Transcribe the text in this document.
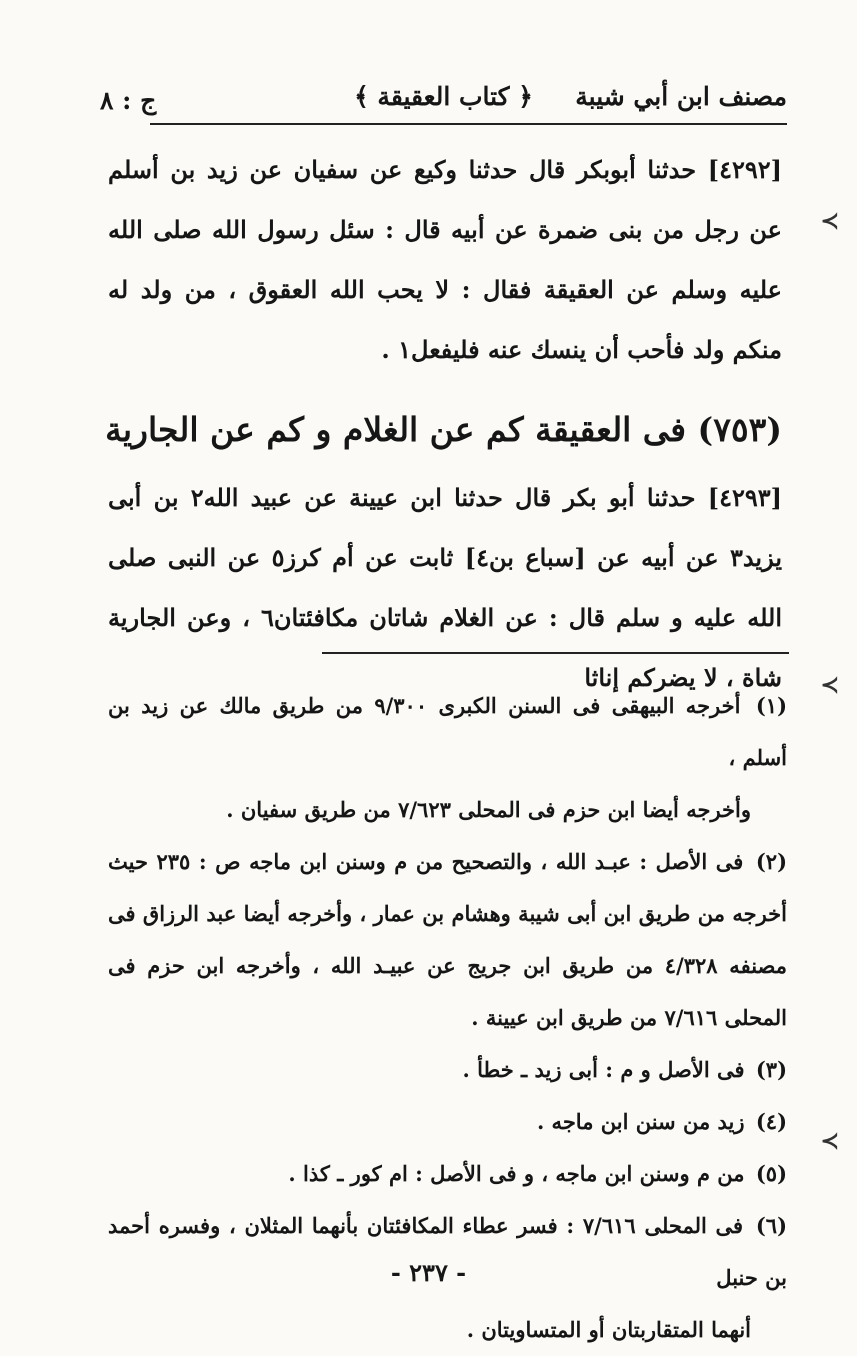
مصنف ابن أبي شيبة
﴿ كتاب العقيقة ﴾
ج : ٨

[٤٢٩٢] حدثنا أبوبكر قال حدثنا وكيع عن سفيان عن زيد بن أسلم عن رجل من بنى ضمرة عن أبيه قال : سئل رسول الله صلى الله عليه وسلم عن العقيقة فقال : لا يحب الله العقوق ، من ولد له منكم ولد فأحب أن ينسك عنه فليفعل١ .

(٧٥٣) فى العقيقة كم عن الغلام و كم عن الجارية

[٤٢٩٣] حدثنا أبو بكر قال حدثنا ابن عيينة عن عبيد الله٢ بن أبى يزيد٣ عن أبيه عن [سباع بن٤] ثابت عن أم كرز٥ عن النبى صلى الله عليه و سلم قال : عن الغلام شاتان مكافئتان٦ ، وعن الجارية شاة ، لا يضركم إناثا

(١) أخرجه البيهقى فى السنن الكبرى ٩/٣٠٠ من طريق مالك عن زيد بن أسلم ،
وأخرجه أيضا ابن حزم فى المحلى ٧/٦٢٣ من طريق سفيان .

(٢) فى الأصل : عبـد الله ، والتصحيح من م وسنن ابن ماجه ص : ٢٣٥ حيث أخرجه من طريق ابن أبى شيبة وهشام بن عمار ، وأخرجه أيضا عبد الرزاق فى مصنفه ٤/٣٢٨ من طريق ابن جريج عن عبيـد الله ، وأخرجه ابن حزم فى المحلى ٧/٦١٦ من طريق ابن عيينة .

(٣) فى الأصل و م : أبى زيد ـ خطأ .

(٤) زيد من سنن ابن ماجه .

(٥) من م وسنن ابن ماجه ، و فى الأصل : ام كور ـ كذا .

(٦) فى المحلى ٧/٦١٦ : فسر عطاء المكافئتان بأنهما المثلان ، وفسره أحمد بن حنبل
أنهما المتقاربتان أو المتساويتان .

- ٢٣٧ -
≻
≻
≻
